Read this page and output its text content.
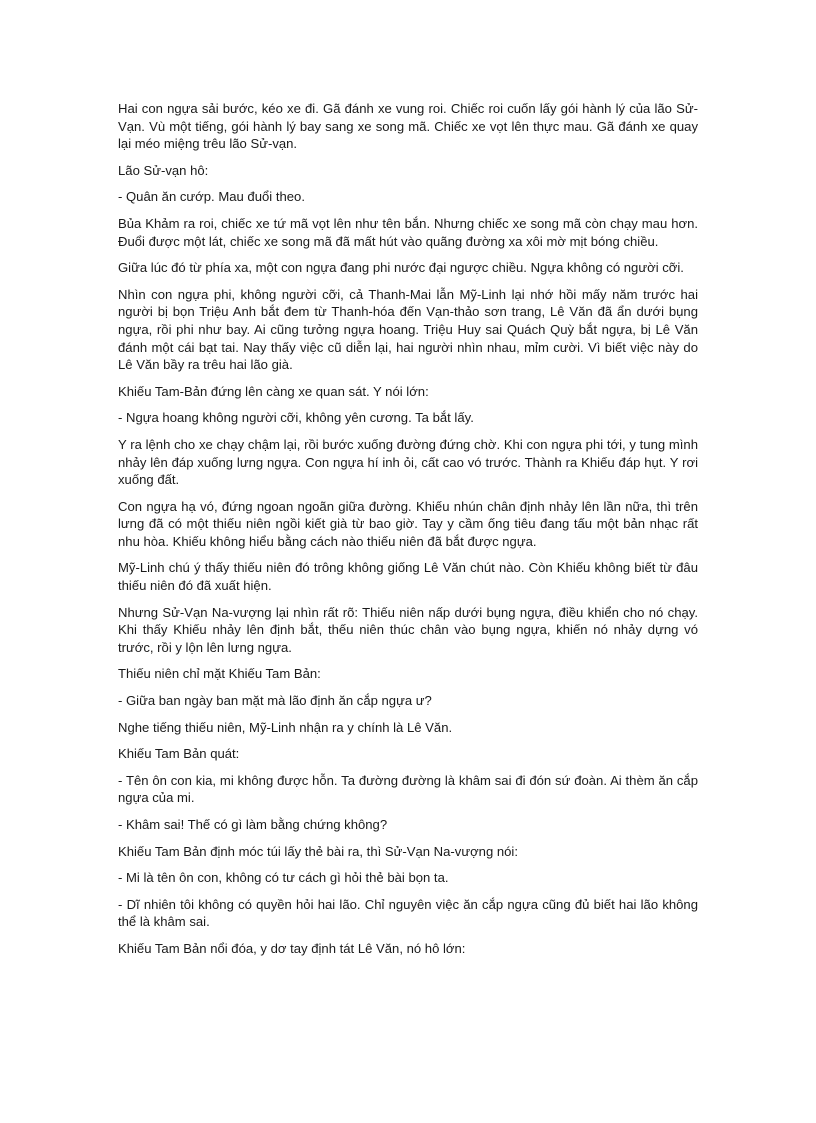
Hai con ngựa sải bước, kéo xe đi. Gã đánh xe vung roi. Chiếc roi cuốn lấy gói hành lý của lão Sử-Vạn. Vù một tiếng, gói hành lý bay sang xe song mã. Chiếc xe vọt lên thực mau. Gã đánh xe quay lại méo miệng trêu lão Sử-vạn.

Lão Sử-vạn hô:

- Quân ăn cướp. Mau đuổi theo.

Bủa Khảm ra roi, chiếc xe tứ mã vọt lên như tên bắn. Nhưng chiếc xe song mã còn chạy mau hơn. Đuổi được một lát, chiếc xe song mã đã mất hút vào quãng đường xa xôi mờ mịt bóng chiều.

Giữa lúc đó từ phía xa, một con ngựa đang phi nước đại ngược chiều. Ngựa không có người cỡi.

Nhìn con ngựa phi, không người cỡi, cả Thanh-Mai lẫn Mỹ-Linh lại nhớ hồi mấy năm trước hai người bị bọn Triệu Anh bắt đem từ Thanh-hóa đến Vạn-thảo sơn trang, Lê Văn đã ẩn dưới bụng ngựa, rồi phi như bay. Ai cũng tưởng ngựa hoang. Triệu Huy sai Quách Quỳ bắt ngựa, bị Lê Văn đánh một cái bạt tai. Nay thấy việc cũ diễn lại, hai người nhìn nhau, mỉm cười. Vì biết việc này do Lê Văn bầy ra trêu hai lão già.

Khiếu Tam-Bản đứng lên càng xe quan sát. Y nói lớn:

- Ngựa hoang không người cỡi, không yên cương. Ta bắt lấy.

Y ra lệnh cho xe chạy chậm lại, rồi bước xuống đường đứng chờ. Khi con ngựa phi tới, y tung mình nhảy lên đáp xuống lưng ngựa. Con ngựa hí inh ỏi, cất cao vó trước. Thành ra Khiếu đáp hụt. Y rơi xuống đất.

Con ngựa hạ vó, đứng ngoan ngoãn giữa đường. Khiếu nhún chân định nhảy lên lần nữa, thì trên lưng đã có một thiếu niên ngồi kiết già từ bao giờ. Tay y cầm ống tiêu đang tấu một bản nhạc rất nhu hòa. Khiếu không hiểu bằng cách nào thiếu niên đã bắt được ngựa.

Mỹ-Linh chú ý thấy thiếu niên đó trông không giống Lê Văn chút nào. Còn Khiếu không biết từ đâu thiếu niên đó đã xuất hiện.

Nhưng Sử-Vạn Na-vượng lại nhìn rất rõ: Thiếu niên nấp dưới bụng ngựa, điều khiển cho nó chạy. Khi thấy Khiếu nhảy lên định bắt, thếu niên thúc chân vào bụng ngựa, khiến nó nhảy dựng vó trước, rồi y lộn lên lưng ngựa.

Thiếu niên chỉ mặt Khiếu Tam Bản:

- Giữa ban ngày ban mặt mà lão định ăn cắp ngựa ư?

Nghe tiếng thiếu niên, Mỹ-Linh nhận ra y chính là Lê Văn.

Khiếu Tam Bản quát:

- Tên ôn con kia, mi không được hỗn. Ta đường đường là khâm sai đi đón sứ đoàn. Ai thèm ăn cắp ngựa của mi.

- Khâm sai! Thế có gì làm bằng chứng không?

Khiếu Tam Bản định móc túi lấy thẻ bài ra, thì Sử-Vạn Na-vượng nói:

- Mi là tên ôn con, không có tư cách gì hỏi thẻ bài bọn ta.

- Dĩ nhiên tôi không có quyền hỏi hai lão. Chỉ nguyên việc ăn cắp ngựa cũng đủ biết hai lão không thể là khâm sai.

Khiếu Tam Bản nổi đóa, y dơ tay định tát Lê Văn, nó hô lớn:
